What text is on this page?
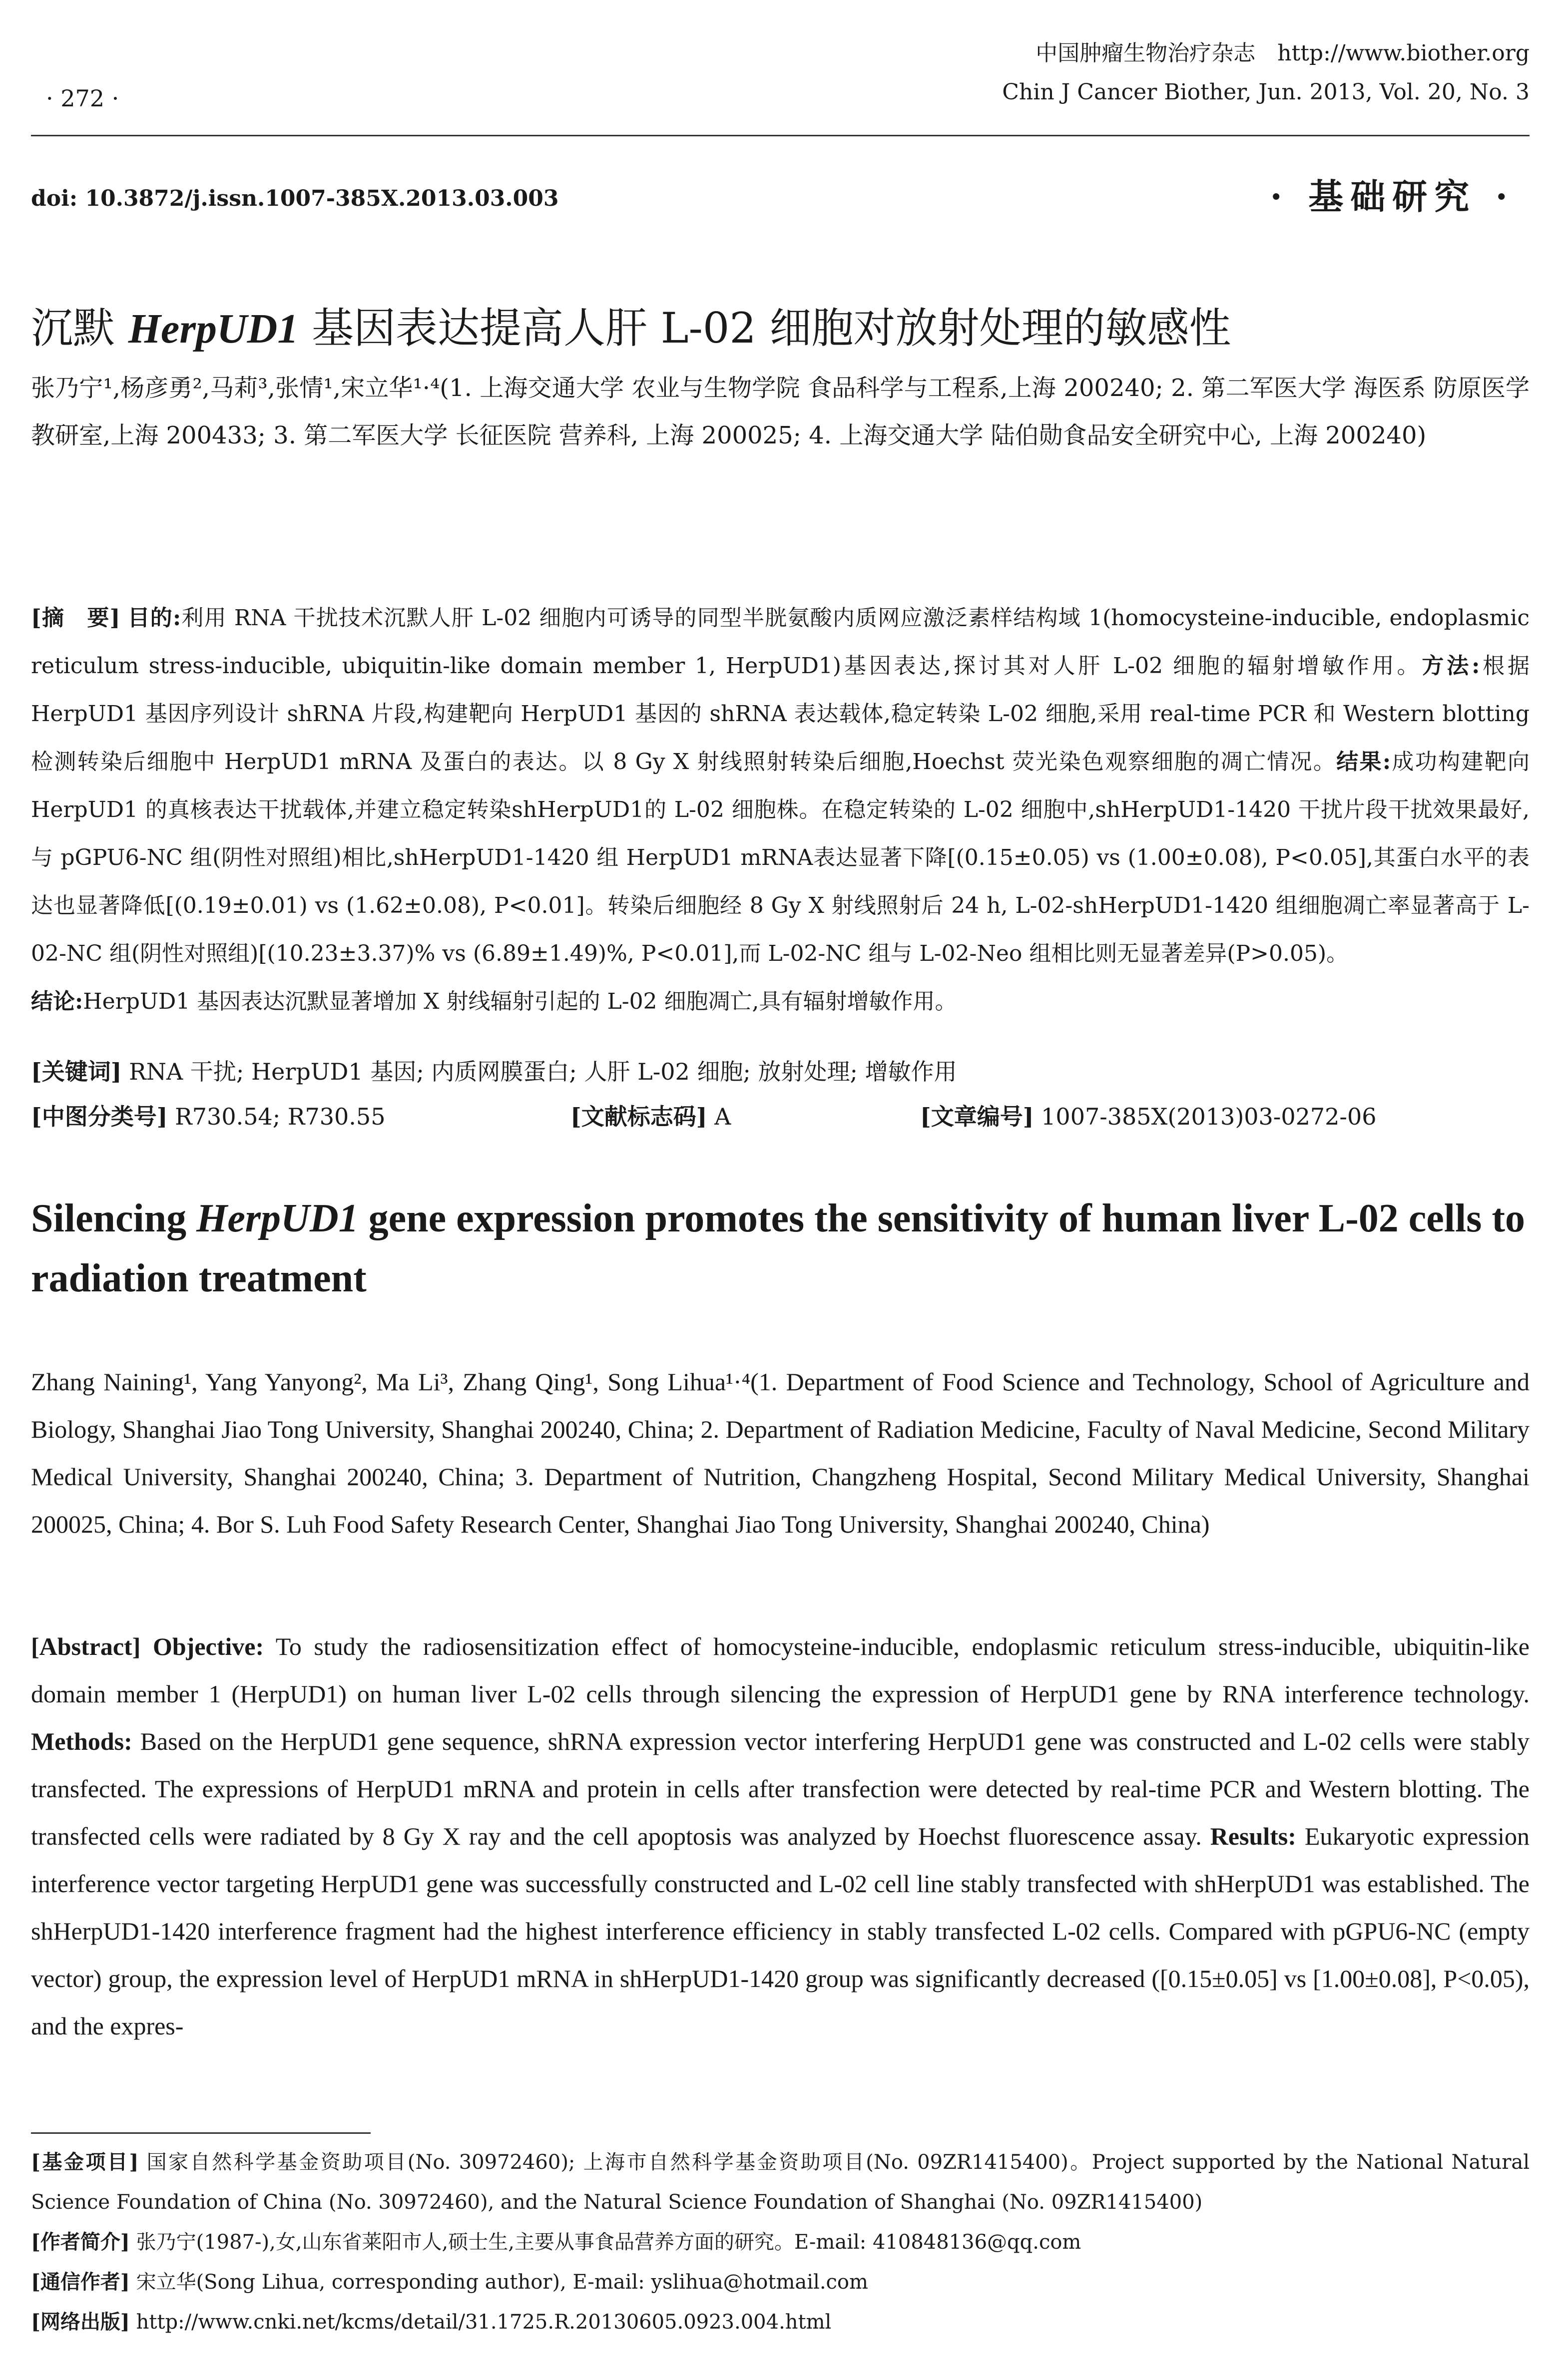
· 272 ·
中国肿瘤生物治疗杂志　http://www.biother.org
Chin J Cancer Biother, Jun. 2013, Vol. 20, No. 3
doi: 10.3872/j.issn.1007-385X.2013.03.003	· 基础研究 ·
沉默 HerpUD1 基因表达提高人肝 L-02 细胞对放射处理的敏感性
张乃宁¹,杨彦勇²,马莉³,张情¹,宋立华¹·⁴(1. 上海交通大学 农业与生物学院 食品科学与工程系,上海 200240; 2. 第二军医大学 海医系 防原医学教研室,上海 200433; 3. 第二军医大学 长征医院 营养科, 上海 200025; 4. 上海交通大学 陆伯勋食品安全研究中心, 上海 200240)
[摘　要] 目的:利用 RNA 干扰技术沉默人肝 L-02 细胞内可诱导的同型半胱氨酸内质网应激泛素样结构域 1(homocysteine-inducible, endoplasmic reticulum stress-inducible, ubiquitin-like domain member 1, HerpUD1)基因表达,探讨其对人肝 L-02 细胞的辐射增敏作用。方法:根据 HerpUD1 基因序列设计 shRNA 片段,构建靶向 HerpUD1 基因的 shRNA 表达载体,稳定转染 L-02 细胞,采用 real-time PCR 和 Western blotting 检测转染后细胞中 HerpUD1 mRNA 及蛋白的表达。以 8 Gy X 射线照射转染后细胞,Hoechst 荧光染色观察细胞的凋亡情况。结果:成功构建靶向 HerpUD1 的真核表达干扰载体,并建立稳定转染shHerpUD1的 L-02 细胞株。在稳定转染的 L-02 细胞中,shHerpUD1-1420 干扰片段干扰效果最好,与 pGPU6-NC 组(阴性对照组)相比,shHerpUD1-1420 组 HerpUD1 mRNA表达显著下降[(0.15±0.05) vs (1.00±0.08), P<0.05],其蛋白水平的表达也显著降低[(0.19±0.01) vs (1.62±0.08), P<0.01]。转染后细胞经 8 Gy X 射线照射后 24 h, L-02-shHerpUD1-1420 组细胞凋亡率显著高于 L-02-NC 组(阴性对照组)[(10.23±3.37)% vs (6.89±1.49)%, P<0.01],而 L-02-NC 组与 L-02-Neo 组相比则无显著差异(P>0.05)。
结论:HerpUD1 基因表达沉默显著增加 X 射线辐射引起的 L-02 细胞凋亡,具有辐射增敏作用。
[关键词] RNA 干扰; HerpUD1 基因; 内质网膜蛋白; 人肝 L-02 细胞; 放射处理; 增敏作用
[中图分类号] R730.54; R730.55	[文献标志码] A	[文章编号] 1007-385X(2013)03-0272-06
Silencing HerpUD1 gene expression promotes the sensitivity of human liver L-02 cells to radiation treatment
Zhang Naining¹, Yang Yanyong², Ma Li³, Zhang Qing¹, Song Lihua¹·⁴(1. Department of Food Science and Technology, School of Agriculture and Biology, Shanghai Jiao Tong University, Shanghai 200240, China; 2. Department of Radiation Medicine, Faculty of Naval Medicine, Second Military Medical University, Shanghai 200240, China; 3. Department of Nutrition, Changzheng Hospital, Second Military Medical University, Shanghai 200025, China; 4. Bor S. Luh Food Safety Research Center, Shanghai Jiao Tong University, Shanghai 200240, China)
[Abstract] Objective: To study the radiosensitization effect of homocysteine-inducible, endoplasmic reticulum stress-inducible, ubiquitin-like domain member 1 (HerpUD1) on human liver L-02 cells through silencing the expression of HerpUD1 gene by RNA interference technology. Methods: Based on the HerpUD1 gene sequence, shRNA expression vector interfering HerpUD1 gene was constructed and L-02 cells were stably transfected. The expressions of HerpUD1 mRNA and protein in cells after transfection were detected by real-time PCR and Western blotting. The transfected cells were radiated by 8 Gy X ray and the cell apoptosis was analyzed by Hoechst fluorescence assay. Results: Eukaryotic expression interference vector targeting HerpUD1 gene was successfully constructed and L-02 cell line stably transfected with shHerpUD1 was established. The shHerpUD1-1420 interference fragment had the highest interference efficiency in stably transfected L-02 cells. Compared with pGPU6-NC (empty vector) group, the expression level of HerpUD1 mRNA in shHerpUD1-1420 group was significantly decreased ([0.15±0.05] vs [1.00±0.08], P<0.05), and the expres-

[基金项目] 国家自然科学基金资助项目(No. 30972460); 上海市自然科学基金资助项目(No. 09ZR1415400)。Project supported by the National Natural Science Foundation of China (No. 30972460), and the Natural Science Foundation of Shanghai (No. 09ZR1415400)

[作者简介] 张乃宁(1987-),女,山东省莱阳市人,硕士生,主要从事食品营养方面的研究。E-mail: 410848136@qq.com

[通信作者] 宋立华(Song Lihua, corresponding author), E-mail: yslihua@hotmail.com

[网络出版] http://www.cnki.net/kcms/detail/31.1725.R.20130605.0923.004.html
